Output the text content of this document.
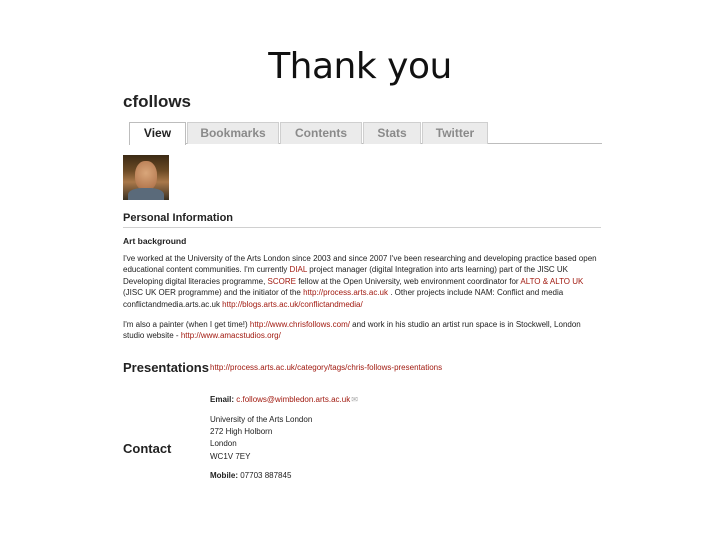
Thank you
cfollows
View	Bookmarks	Contents	Stats	Twitter
Personal Information
Art background

I've worked at the University of the Arts London since 2003 and since 2007 I've been researching and developing practice based open educational content communities. I'm currently DIAL project manager (digital Integration into arts learning) part of the JISC UK Developing digital literacies programme, SCORE fellow at the Open University, web environment coordinator for ALTO & ALTO UK (JISC UK OER programme) and the initiator of the http://process.arts.ac.uk . Other projects include NAM: Conflict and media conflictandmedia.arts.ac.uk http://blogs.arts.ac.uk/conflictandmedia/

I'm also a painter (when I get time!) http://www.chrisfollows.com/ and work in his studio an artist run space is in Stockwell, London studio website - http://www.amacstudios.org/

Presentations http://process.arts.ac.uk/category/tags/chris-follows-presentations
Email: c.follows@wimbledon.arts.ac.uk✉
University of the Arts London
272 High Holborn
London
WC1V 7EY
Contact
Mobile: 07703 887845
